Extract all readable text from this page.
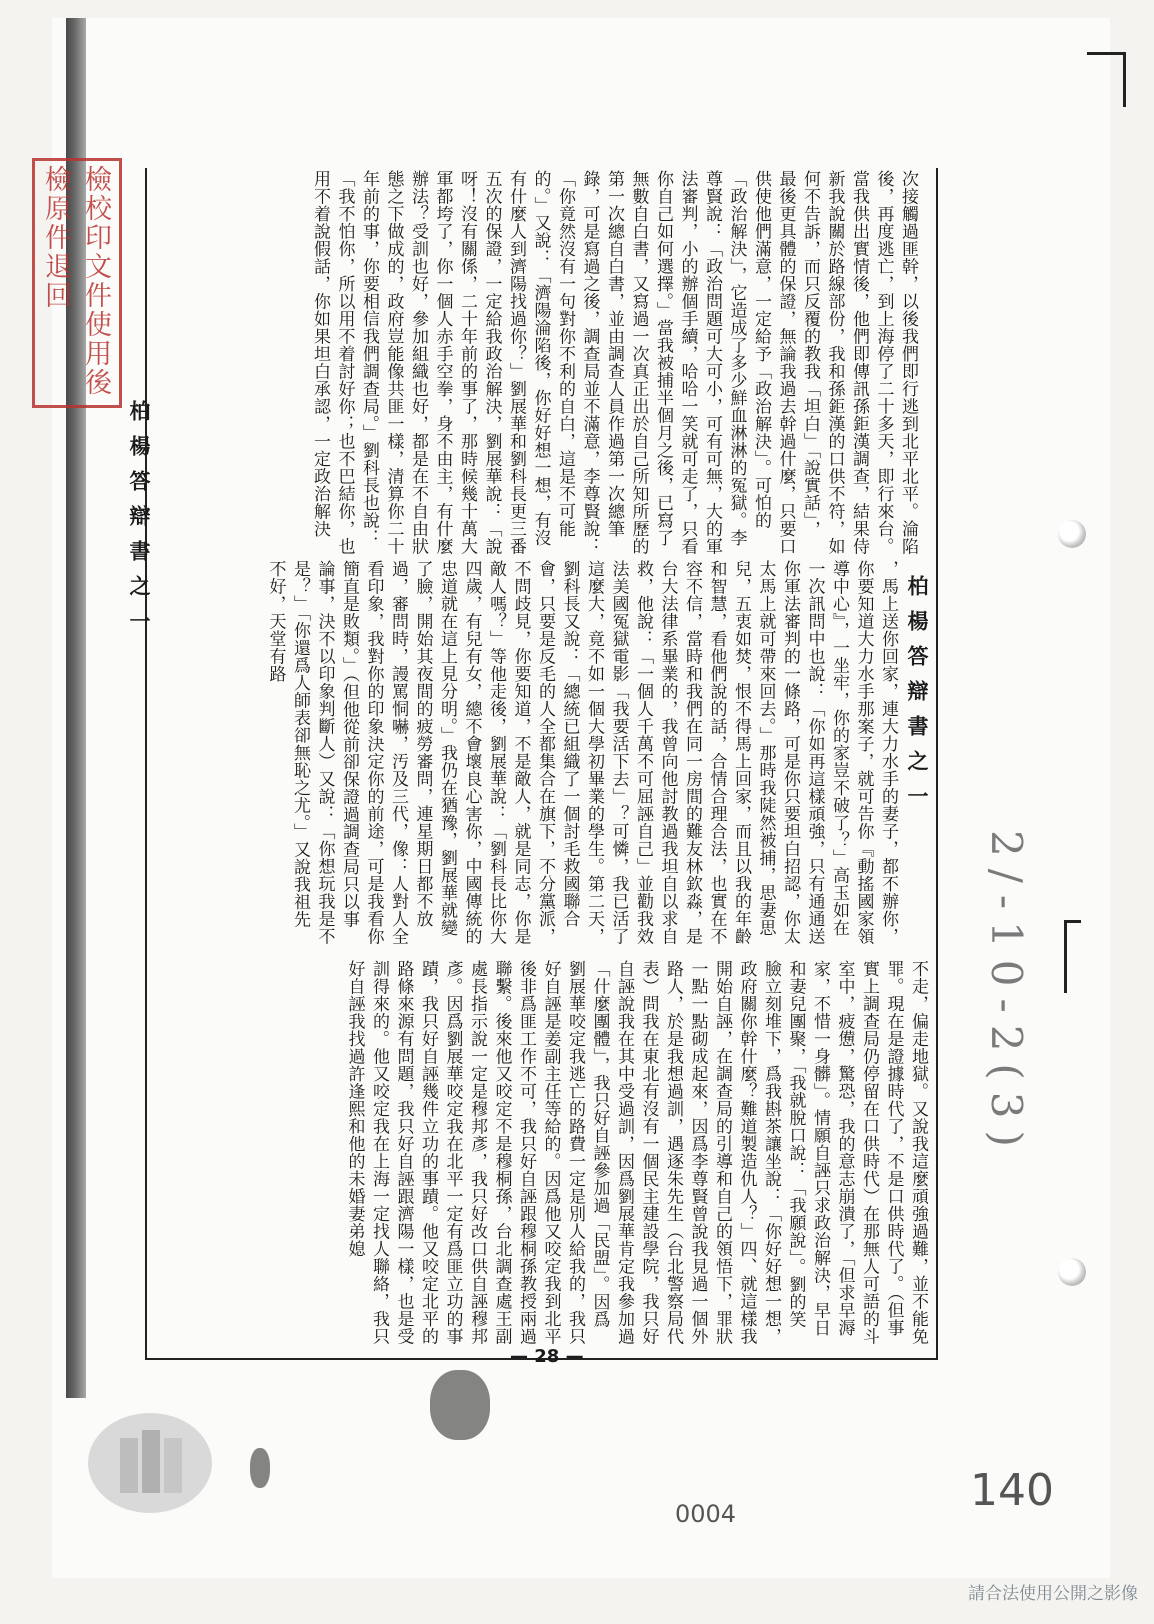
檢校印文件使用後檢原件退回
柏楊答辯書之一
柏楊答辯書之一	次接觸過匪幹，以後我們即行逃到北平北平。淪陷後，再度逃亡，到上海停了二十多天，即行來台。當我供出實情後，他們即傳訊孫鉅漢調查，結果侍新我說關於路線部份，我和孫鉅漢的口供不符，如何不告訴，而只反覆的教我「坦白」「說實話」，最後更具體的保證，無論我過去幹過什麼，只要口供使他們滿意，一定給予「政治解決」。可怕的「政治解決」，它造成了多少鮮血淋淋的冤獄。李尊賢說：「政治問題可大可小，可有可無，大的軍法審判，小的辦個手續，哈哈一笑就可走了，只看你自己如何選擇。」當我被捕半個月之後，已寫了無數自白書，又寫過一次真正出於自己所知所歷的第一次總自白書，並由調查人員作過第一次總筆錄，可是寫過之後，調查局並不滿意，李尊賢說：「你竟然沒有一句對你不利的自白，這是不可能的。」又說：「濟陽淪陷後，你好好想一想，有沒有什麼人到濟陽找過你？」劉展華和劉科長更三番五次的保證，一定給我政治解決，劉展華說：「說呀！沒有關係，二十年前的事了，那時候幾十萬大軍都垮了，你一個人赤手空拳，身不由主，有什麼辦法？受訓也好，參加組織也好，都是在不自由狀態之下做成的，政府豈能像共匪一樣，清算你二十年前的事，你要相信我們調查局。」劉科長也說：「我不怕你，所以用不着討好你；也不巴結你，也用不着說假話，你如果坦白承認，一定政治解決

，馬上送你回家，連大力水手的妻子，都不辦你，你要知道大力水手那案子，就可告你『動搖國家領導中心』，一坐牢，你的家豈不破了？」高玉如在一次訊問中也說：「你如再這樣頑強，只有通通送你軍法審判的一條路，可是你只要坦白招認，你太太馬上就可帶來回去。」那時我陡然被捕，思妻思兒，五衷如焚，恨不得馬上回家，而且以我的年齡和智慧，看他們說的話，合情合理合法，也實在不容不信，當時和我們在同一房間的難友林欽淼，是台大法律系畢業的，我曾向他討教過我坦自以求自救，他說：「一個人千萬不可屈誣自己」並勸我效法美國冤獄電影「我要活下去」？可憐，我已活了這麼大，竟不如一個大學初畢業的學生。第二天，劉科長又說：「總統已組織了一個討毛救國聯合會，只要是反毛的人全都集合在旗下，不分黨派，不問歧見，你要知道，不是敵人，就是同志，你是敵人嗎？」等他走後，劉展華說：「劉科長比你大四歲，有兒有女，總不會壞良心害你，中國傳統的忠道就在這上見分明。」我仍在猶豫，劉展華就變了臉，開始其夜間的疲勞審問，連星期日都不放過，審問時，謾罵恫嚇，汚及三代，像：人對人全看印象，我對你的印象決定你的前途，可是我看你簡直是敗類。」（但他從前卻保證過調查局只以事論事，決不以印象判斷人）又說：「你想玩我是不是？」「你還爲人師表卻無恥之尤。」又說我祖先不好，天堂有路

不走，偏走地獄。又說我這麼頑強過難，並不能免罪。現在是證據時代了，不是口供時代了。（但事實上調查局仍停留在口供時代）在那無人可語的斗室中，疲憊，驚恐，我的意志崩潰了，「但求早溽家，不惜一身髒」。情願自誣只求政治解決，早日和妻兒團聚，「我就脫口說：「我願說」。劉的笑臉立刻堆下，爲我斟茶讓坐說：「你好好想一想，政府關你幹什麼？難道製造仇人？」四、就這樣我開始自誣，在調查局的引導和自己的領悟下，罪狀一點一點砌成起來，因爲李尊賢曾說我見過一個外路人，於是我想過訓，遇逐朱先生（台北警察局代表）問我在東北有沒有一個民主建設學院，我只好自誣說我在其中受過訓，因爲劉展華肯定我參加過「什麼團體」，我只好自誣參加過「民盟」。因爲劉展華咬定我逃亡的路費一定是別人給我的，我只好自誣是姜副主任等給的。因爲他又咬定我到北平後非爲匪工作不可，我只好自誣跟穆桐孫教授兩過聯繫。後來他又咬定不是穆桐孫，台北調查處王副處長指示說一定是穆邦彥，我只好改口供自誣穆邦彥。因爲劉展華咬定我在北平一定有爲匪立功的事蹟，我只好自誣幾件立功的事蹟。他又咬定北平的路條來源有問題，我只好自誣跟濟陽一樣，也是受訓得來的。他又咬定我在上海一定找人聯絡，我只好自誣我找過許逢熙和他的未婚妻弟媳

— 28 —
2/-10-2(3)
0004	140
請合法使用公開之影像
